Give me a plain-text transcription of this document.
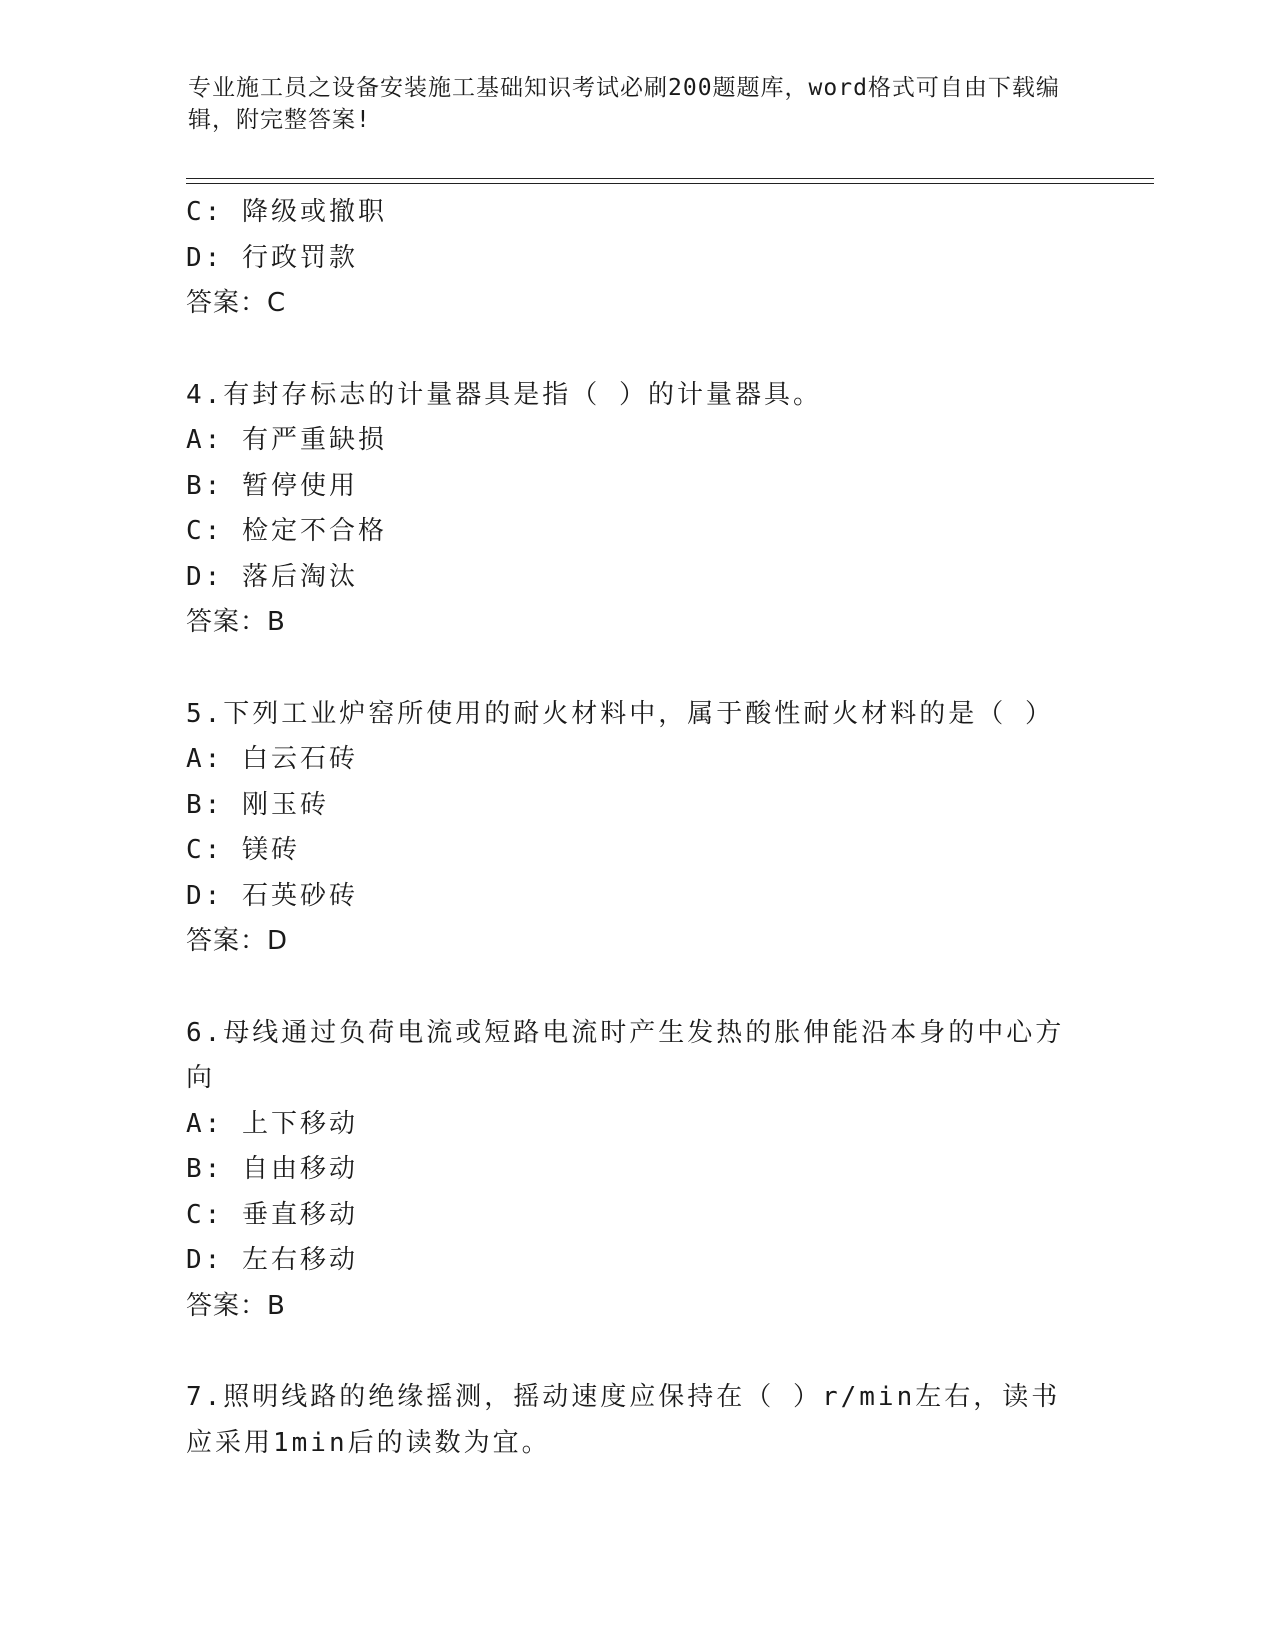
专业施工员之设备安装施工基础知识考试必刷200题题库，word格式可自由下载编辑，附完整答案!
C: 降级或撤职
D: 行政罚款
答案：C
4.有封存标志的计量器具是指（ ）的计量器具。
A: 有严重缺损
B: 暂停使用
C: 检定不合格
D: 落后淘汰
答案：B
5.下列工业炉窑所使用的耐火材料中，属于酸性耐火材料的是（ ）
A: 白云石砖
B: 刚玉砖
C: 镁砖
D: 石英砂砖
答案：D
6.母线通过负荷电流或短路电流时产生发热的胀伸能沿本身的中心方向
A: 上下移动
B: 自由移动
C: 垂直移动
D: 左右移动
答案：B
7.照明线路的绝缘摇测，摇动速度应保持在（ ）r/min左右，读书应采用1min后的读数为宜。
